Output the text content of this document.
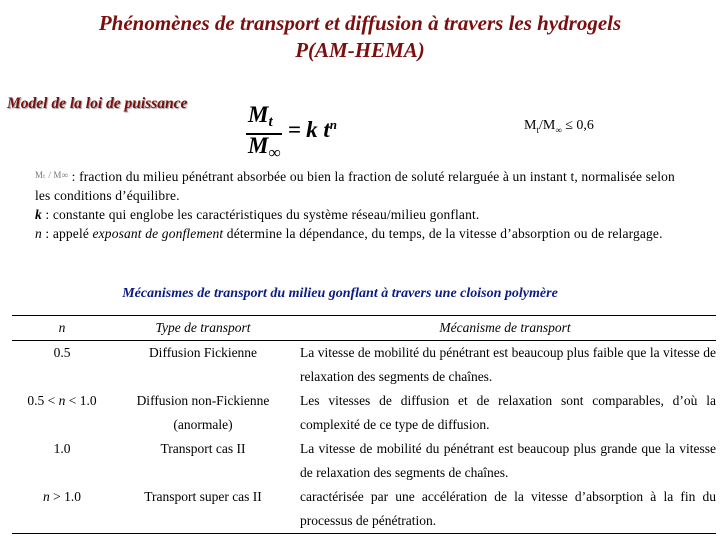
Phénomènes de transport et diffusion à travers les hydrogels
P(AM-HEMA)
Model de la loi de puissance	$M_t$
$M_\infty$
= k $t^n$	$M_t/M_\infty \le 0,6$
$^{M_t / M\infty}$ : fraction du milieu pénétrant absorbée ou bien la fraction de soluté relarguée à un instant t, normalisée selon les conditions d’équilibre.
k : constante qui englobe les caractéristiques du système réseau/milieu gonflant.
n : appelé exposant de gonflement détermine la dépendance, du temps, de la vitesse d’absorption ou de relargage.
Mécanismes de transport du milieu gonflant à travers une cloison polymère
n	Type de transport	Mécanisme de transport
0.5	Diffusion Fickienne	La vitesse de mobilité du pénétrant est beaucoup plus faible que la vitesse de relaxation des segments de chaînes.
0.5 < n < 1.0	Diffusion non-Fickienne (anormale)	Les vitesses de diffusion et de relaxation sont comparables, d’où la complexité de ce type de diffusion.
1.0	Transport cas II	La vitesse de mobilité du pénétrant est beaucoup plus grande que la vitesse de relaxation des segments de chaînes.
n > 1.0	Transport super cas II	caractérisée par une accélération de la vitesse d’absorption à la fin du processus de pénétration.
